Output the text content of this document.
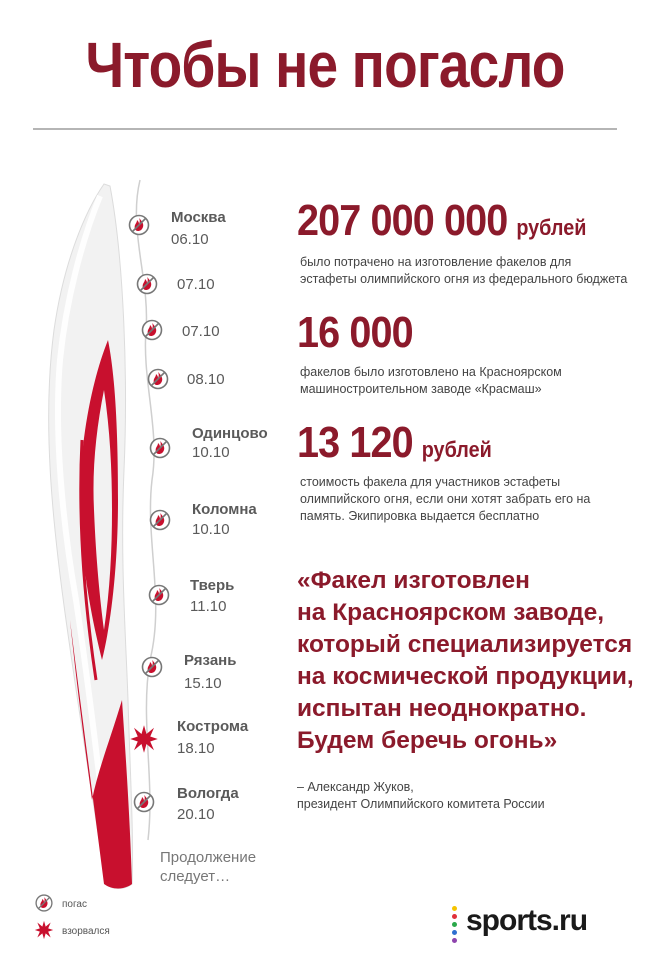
Чтобы не погасло
Москва
06.10
07.10
07.10
08.10
Одинцово
10.10
Коломна
10.10
Тверь
11.10
Рязань
15.10
Кострома
18.10
Вологда
20.10
Продолжение
следует…
207 000 000 рублей
было потрачено на изготовление факелов для эстафеты олимпийского огня из федерального бюджета
16 000
факелов было изготовлено на Красноярском машиностроительном заводе «Красмаш»
13 120 рублей
стоимость факела для участников эстафеты олимпийского огня, если они хотят забрать его на память. Экипировка выдается бесплатно
«Факел изготовлен
на Красноярском заводе,
который специализируется
на космической продукции,
испытан неоднократно.
Будем беречь огонь»
– Александр Жуков,
президент Олимпийского комитета России
погас
взорвался	sports.ru
